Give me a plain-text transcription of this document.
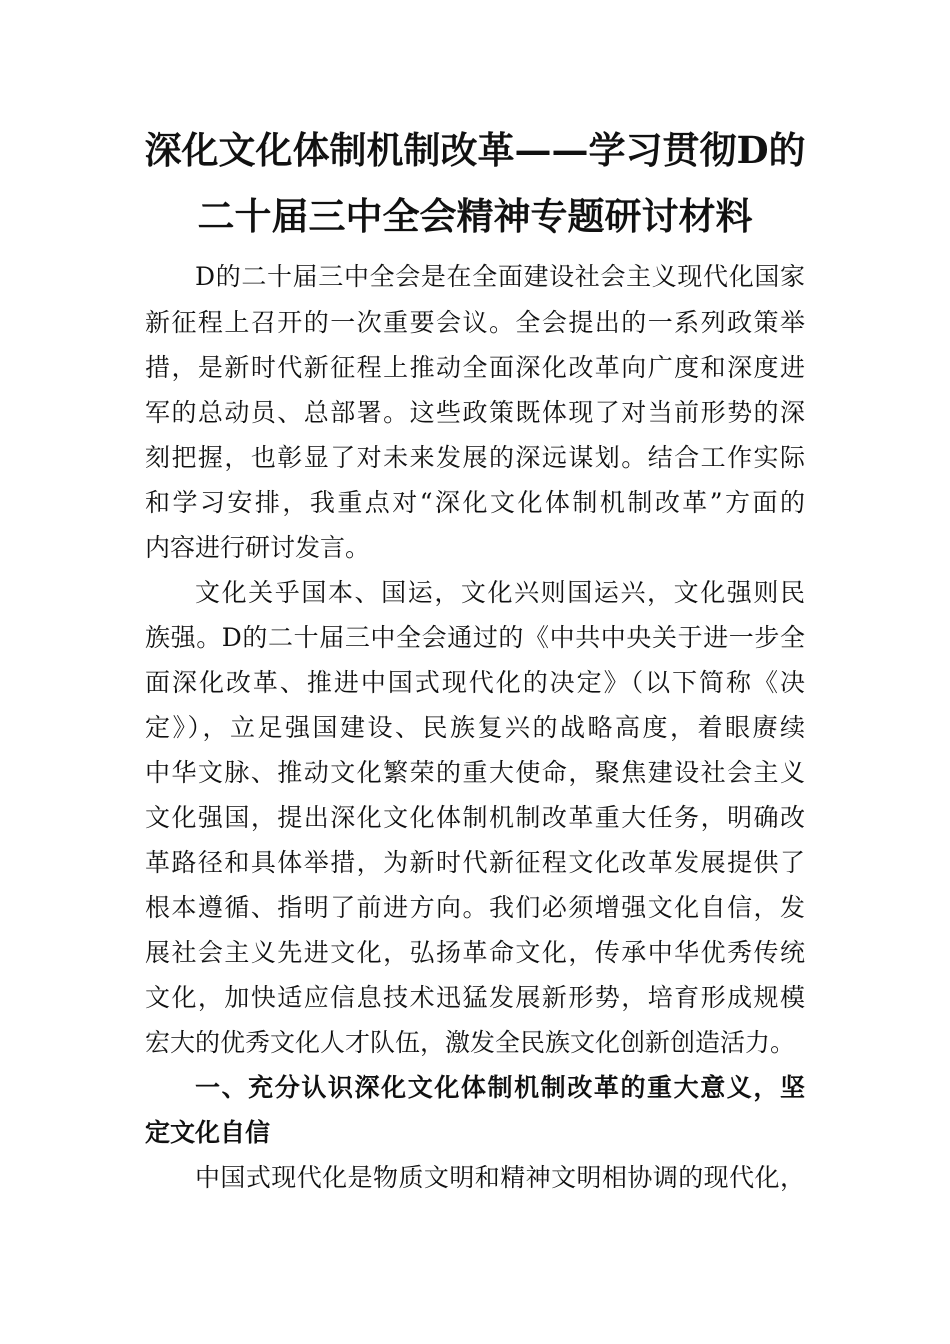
深化文化体制机制改革——学习贯彻D的
二十届三中全会精神专题研讨材料
D的二十届三中全会是在全面建设社会主义现代化国家
新征程上召开的一次重要会议。全会提出的一系列政策举
措，是新时代新征程上推动全面深化改革向广度和深度进
军的总动员、总部署。这些政策既体现了对当前形势的深
刻把握，也彰显了对未来发展的深远谋划。结合工作实际
和学习安排，我重点对“深化文化体制机制改革”方面的
内容进行研讨发言。
文化关乎国本、国运，文化兴则国运兴，文化强则民
族强。D的二十届三中全会通过的《中共中央关于进一步全
面深化改革、推进中国式现代化的决定》（以下简称《决
定》），立足强国建设、民族复兴的战略高度，着眼赓续
中华文脉、推动文化繁荣的重大使命，聚焦建设社会主义
文化强国，提出深化文化体制机制改革重大任务，明确改
革路径和具体举措，为新时代新征程文化改革发展提供了
根本遵循、指明了前进方向。我们必须增强文化自信，发
展社会主义先进文化，弘扬革命文化，传承中华优秀传统
文化，加快适应信息技术迅猛发展新形势，培育形成规模
宏大的优秀文化人才队伍，激发全民族文化创新创造活力。
一、充分认识深化文化体制机制改革的重大意义，坚
定文化自信
中国式现代化是物质文明和精神文明相协调的现代化，
